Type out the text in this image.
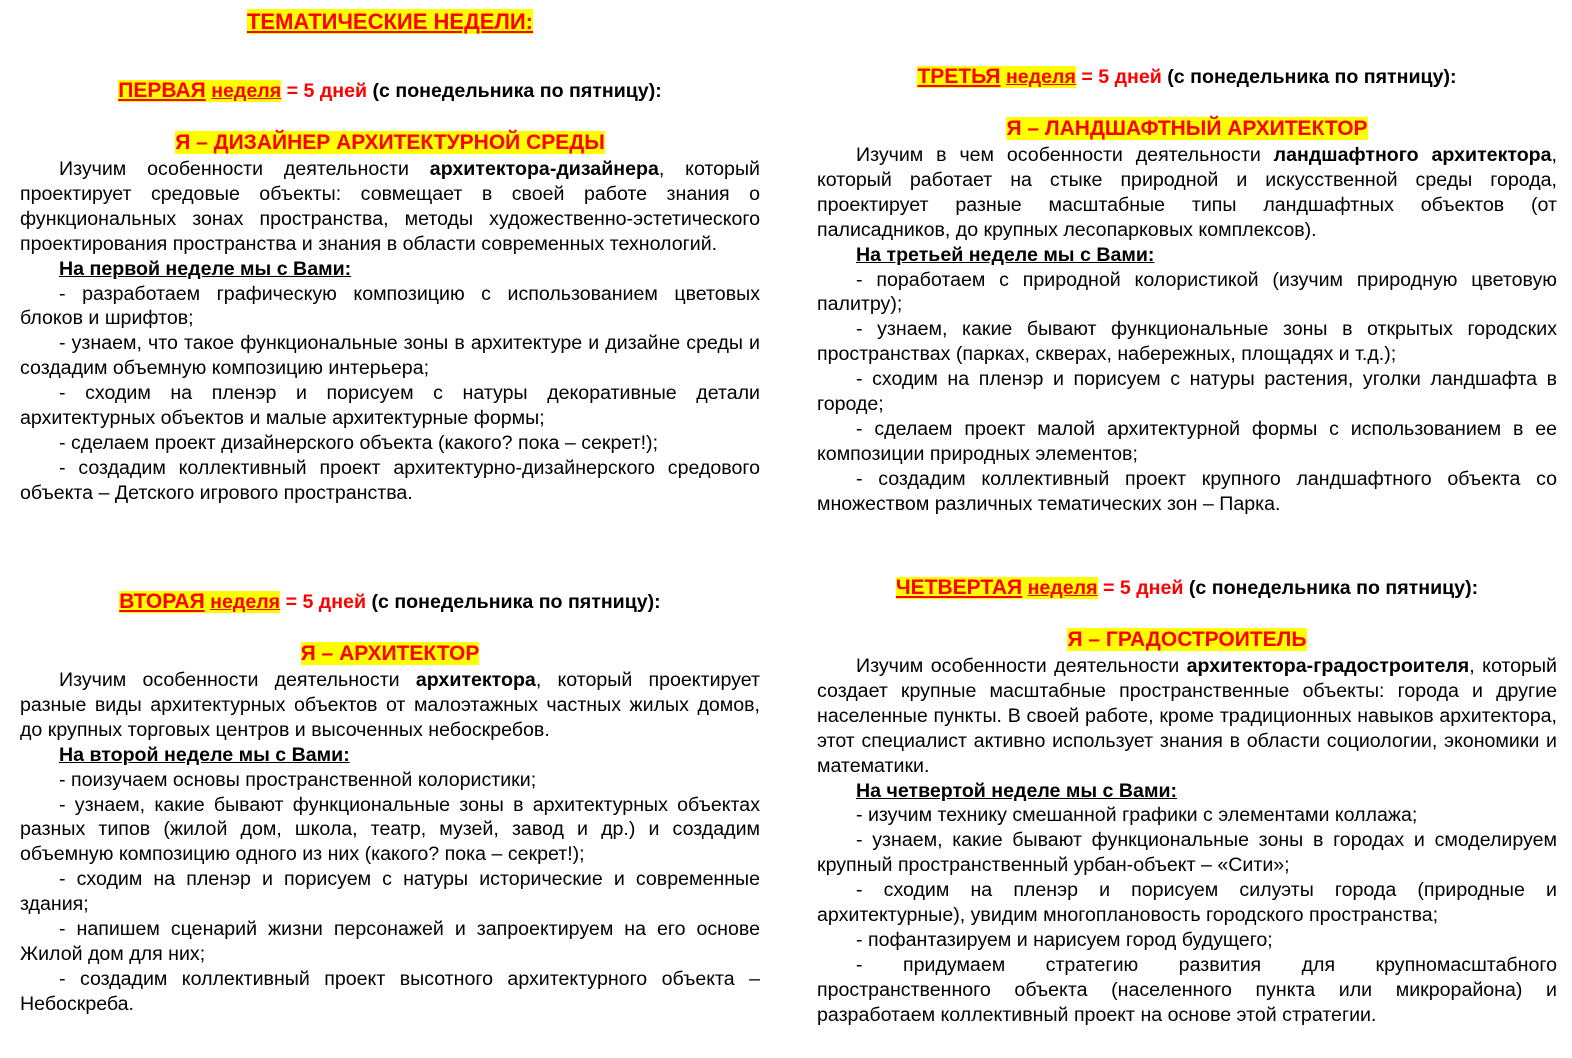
ТЕМАТИЧЕСКИЕ НЕДЕЛИ:
ПЕРВАЯ неделя = 5 дней (с понедельника по пятницу):
Я – ДИЗАЙНЕР АРХИТЕКТУРНОЙ СРЕДЫ

Изучим особенности деятельности архитектора-дизайнера, который проектирует средовые объекты: совмещает в своей работе знания о функциональных зонах пространства, методы художественно-эстетического проектирования пространства и знания в области современных технологий.

На первой неделе мы с Вами:

- разработаем графическую композицию с использованием цветовых блоков и шрифтов;

- узнаем, что такое функциональные зоны в архитектуре и дизайне среды и создадим объемную композицию интерьера;

- сходим на пленэр и порисуем с натуры декоративные детали архитектурных объектов и малые архитектурные формы;

- сделаем проект дизайнерского объекта (какого? пока – секрет!);

- создадим коллективный проект архитектурно-дизайнерского средового объекта – Детского игрового пространства.

ВТОРАЯ неделя = 5 дней (с понедельника по пятницу):
Я – АРХИТЕКТОР

Изучим особенности деятельности архитектора, который проектирует разные виды архитектурных объектов от малоэтажных частных жилых домов, до крупных торговых центров и высоченных небоскребов.

На второй неделе мы с Вами:

- поизучаем основы пространственной колористики;

- узнаем, какие бывают функциональные зоны в архитектурных объектах разных типов (жилой дом, школа, театр, музей, завод и др.) и создадим объемную композицию одного из них (какого? пока – секрет!);

- сходим на пленэр и порисуем с натуры исторические и современные здания;

- напишем сценарий жизни персонажей и запроектируем на его основе Жилой дом для них;

- создадим коллективный проект высотного архитектурного объекта – Небоскреба.

ТРЕТЬЯ неделя = 5 дней (с понедельника по пятницу):
Я – ЛАНДШАФТНЫЙ АРХИТЕКТОР

Изучим в чем особенности деятельности ландшафтного архитектора, который работает на стыке природной и искусственной среды города, проектирует разные масштабные типы ландшафтных объектов (от палисадников, до крупных лесопарковых комплексов).

На третьей неделе мы с Вами:

- поработаем с природной колористикой (изучим природную цветовую палитру);

- узнаем, какие бывают функциональные зоны в открытых городских пространствах (парках, скверах, набережных, площадях и т.д.);

- сходим на пленэр и порисуем с натуры растения, уголки ландшафта в городе;

- сделаем проект малой архитектурной формы с использованием в ее композиции природных элементов;

- создадим коллективный проект крупного ландшафтного объекта со множеством различных тематических зон – Парка.

ЧЕТВЕРТАЯ неделя = 5 дней (с понедельника по пятницу):
Я – ГРАДОСТРОИТЕЛЬ

Изучим особенности деятельности архитектора-градостроителя, который создает крупные масштабные пространственные объекты: города и другие населенные пункты. В своей работе, кроме традиционных навыков архитектора, этот специалист активно использует знания в области социологии, экономики и математики.

На четвертой неделе мы с Вами:

- изучим технику смешанной графики с элементами коллажа;

- узнаем, какие бывают функциональные зоны в городах и смоделируем крупный пространственный урбан-объект – «Сити»;

- сходим на пленэр и порисуем силуэты города (природные и архитектурные), увидим многоплановость городского пространства;

- пофантазируем и нарисуем город будущего;

- придумаем стратегию развития для крупномасштабного пространственного объекта (населенного пункта или микрорайона) и разработаем коллективный проект на основе этой стратегии.
